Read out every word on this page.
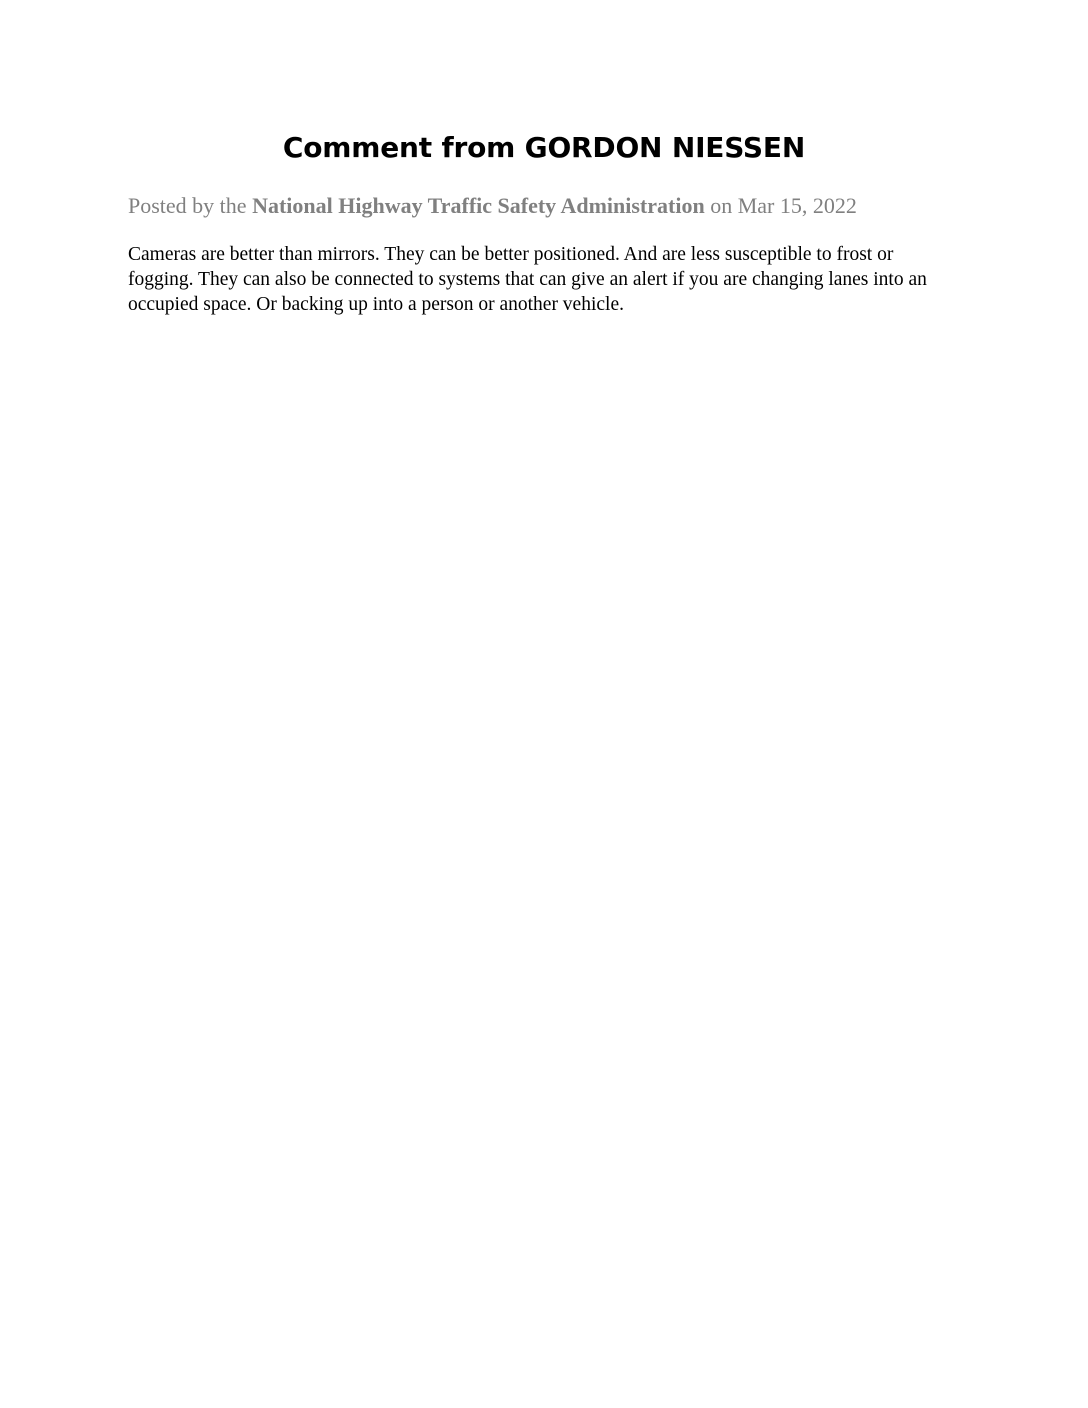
Comment from GORDON NIESSEN

Posted by the National Highway Traffic Safety Administration on Mar 15, 2022

Cameras are better than mirrors. They can be better positioned. And are less susceptible to frost or fogging. They can also be connected to systems that can give an alert if you are changing lanes into an occupied space. Or backing up into a person or another vehicle.
